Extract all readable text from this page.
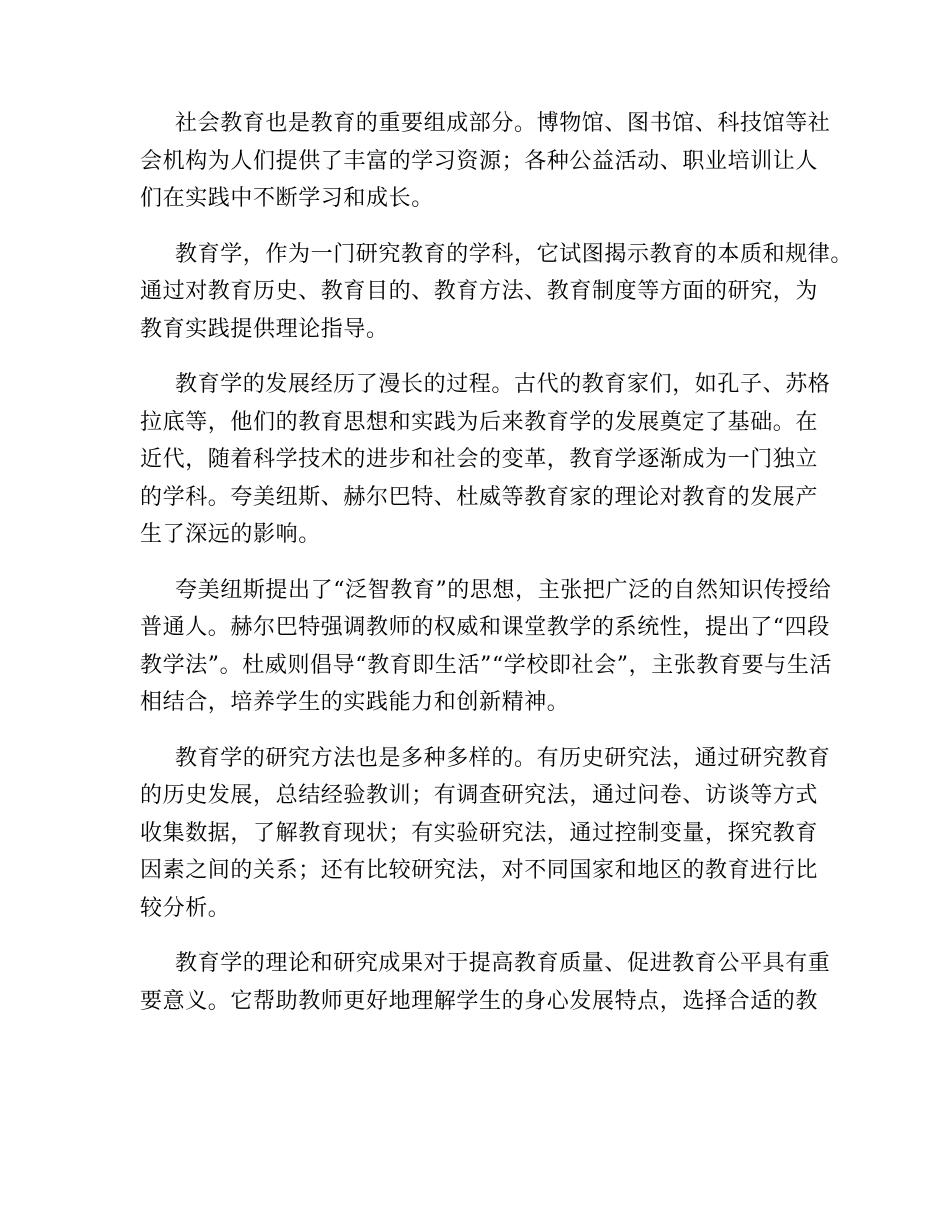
社会教育也是教育的重要组成部分。博物馆、图书馆、科技馆等社
会机构为人们提供了丰富的学习资源；各种公益活动、职业培训让人
们在实践中不断学习和成长。

教育学，作为一门研究教育的学科，它试图揭示教育的本质和规律。
通过对教育历史、教育目的、教育方法、教育制度等方面的研究，为
教育实践提供理论指导。

教育学的发展经历了漫长的过程。古代的教育家们，如孔子、苏格
拉底等，他们的教育思想和实践为后来教育学的发展奠定了基础。在
近代，随着科学技术的进步和社会的变革，教育学逐渐成为一门独立
的学科。夸美纽斯、赫尔巴特、杜威等教育家的理论对教育的发展产
生了深远的影响。

夸美纽斯提出了“泛智教育”的思想，主张把广泛的自然知识传授给
普通人。赫尔巴特强调教师的权威和课堂教学的系统性，提出了“四段
教学法”。杜威则倡导“教育即生活”“学校即社会”，主张教育要与生活
相结合，培养学生的实践能力和创新精神。

教育学的研究方法也是多种多样的。有历史研究法，通过研究教育
的历史发展，总结经验教训；有调查研究法，通过问卷、访谈等方式
收集数据，了解教育现状；有实验研究法，通过控制变量，探究教育
因素之间的关系；还有比较研究法，对不同国家和地区的教育进行比
较分析。

教育学的理论和研究成果对于提高教育质量、促进教育公平具有重
要意义。它帮助教师更好地理解学生的身心发展特点，选择合适的教
